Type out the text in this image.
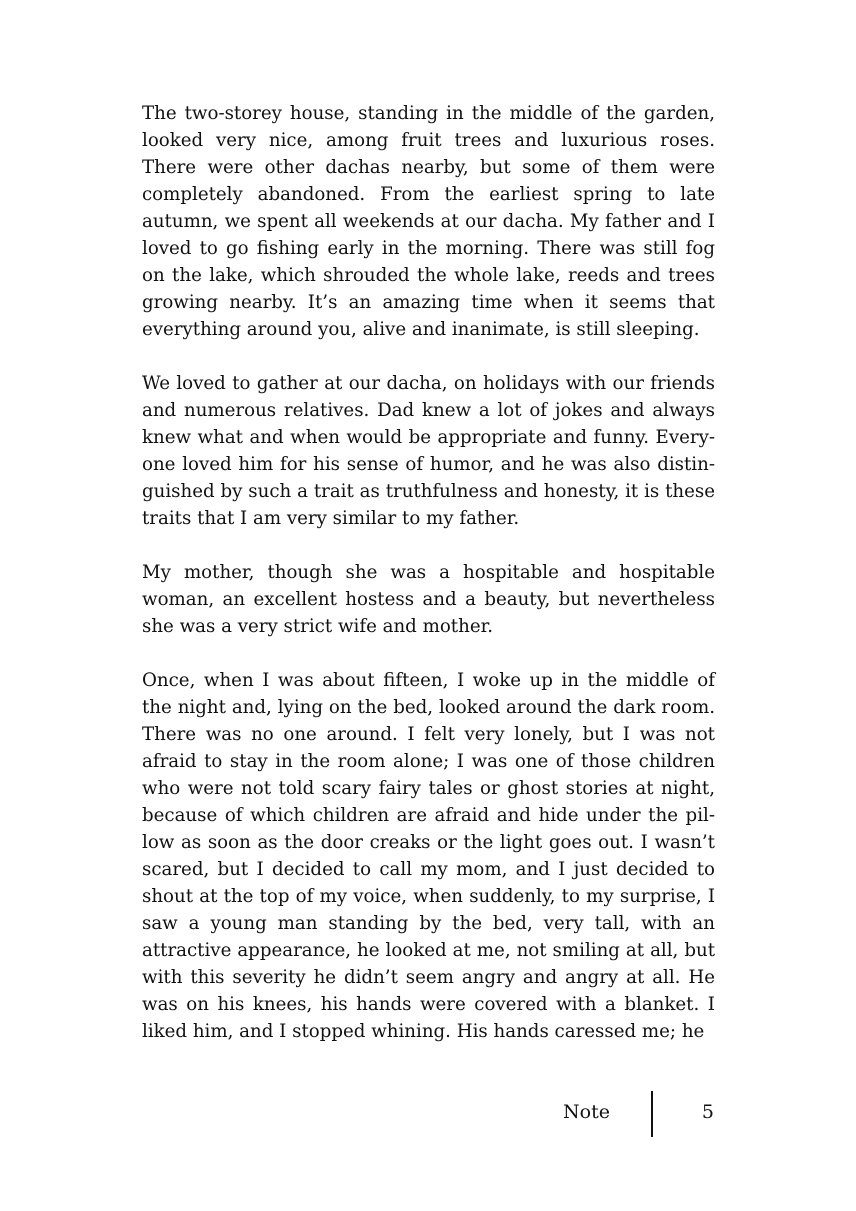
The two-storey house, standing in the middle of the garden, looked very nice, among fruit trees and luxurious roses. There were other dachas nearby, but some of them were completely abandoned. From the earliest spring to late autumn, we spent all weekends at our dacha. My father and I loved to go fishing early in the morning. There was still fog on the lake, which shrouded the whole lake, reeds and trees growing nearby. It’s an amazing time when it seems that everything around you, alive and inanimate, is still sleeping.

We loved to gather at our dacha, on holidays with our friends and numerous relatives. Dad knew a lot of jokes and always knew what and when would be appropriate and funny. Everyone loved him for his sense of humor, and he was also distinguished by such a trait as truthfulness and honesty, it is these traits that I am very similar to my father.

My mother, though she was a hospitable and hospitable woman, an excellent hostess and a beauty, but nevertheless she was a very strict wife and mother.

Once, when I was about fifteen, I woke up in the middle of the night and, lying on the bed, looked around the dark room. There was no one around. I felt very lonely, but I was not afraid to stay in the room alone; I was one of those children who were not told scary fairy tales or ghost stories at night, because of which children are afraid and hide under the pillow as soon as the door creaks or the light goes out. I wasn’t scared, but I decided to call my mom, and I just decided to shout at the top of my voice, when suddenly, to my surprise, I saw a young man standing by the bed, very tall, with an attractive appearance, he looked at me, not smiling at all, but with this severity he didn’t seem angry and angry at all. He was on his knees, his hands were covered with a blanket. I liked him, and I stopped whining. His hands caressed me; he

Note	5
